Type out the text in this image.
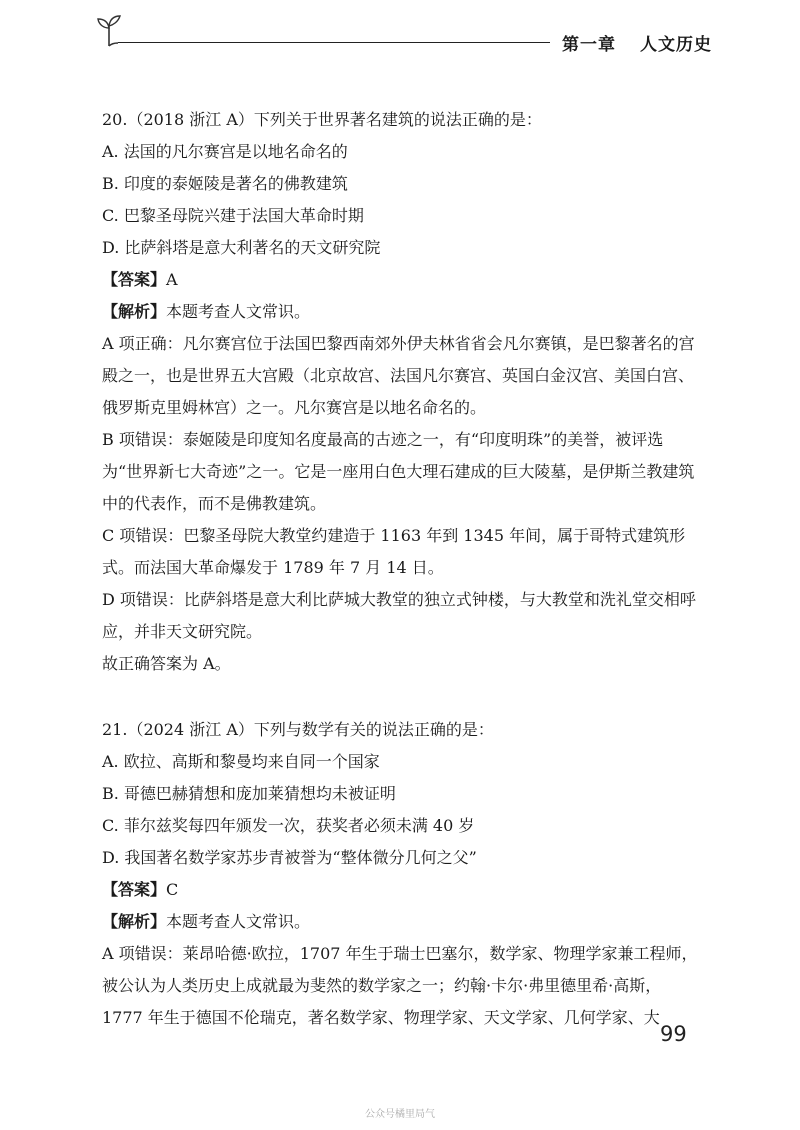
第一章 人文历史

20.（2018 浙江 A）下列关于世界著名建筑的说法正确的是：

A. 法国的凡尔赛宫是以地名命名的

B. 印度的泰姬陵是著名的佛教建筑

C. 巴黎圣母院兴建于法国大革命时期

D. 比萨斜塔是意大利著名的天文研究院

【答案】A

【解析】本题考查人文常识。

A 项正确：凡尔赛宫位于法国巴黎西南郊外伊夫林省省会凡尔赛镇，是巴黎著名的宫殿之一，也是世界五大宫殿（北京故宫、法国凡尔赛宫、英国白金汉宫、美国白宫、俄罗斯克里姆林宫）之一。凡尔赛宫是以地名命名的。

B 项错误：泰姬陵是印度知名度最高的古迹之一，有“印度明珠”的美誉，被评选为“世界新七大奇迹”之一。它是一座用白色大理石建成的巨大陵墓，是伊斯兰教建筑中的代表作，而不是佛教建筑。

C 项错误：巴黎圣母院大教堂约建造于 1163 年到 1345 年间，属于哥特式建筑形式。而法国大革命爆发于 1789 年 7 月 14 日。

D 项错误：比萨斜塔是意大利比萨城大教堂的独立式钟楼，与大教堂和洗礼堂交相呼应，并非天文研究院。

故正确答案为 A。

21.（2024 浙江 A）下列与数学有关的说法正确的是：

A. 欧拉、高斯和黎曼均来自同一个国家

B. 哥德巴赫猜想和庞加莱猜想均未被证明

C. 菲尔兹奖每四年颁发一次，获奖者必须未满 40 岁

D. 我国著名数学家苏步青被誉为“整体微分几何之父”

【答案】C

【解析】本题考查人文常识。

A 项错误：莱昂哈德·欧拉，1707 年生于瑞士巴塞尔，数学家、物理学家兼工程师，被公认为人类历史上成就最为斐然的数学家之一；约翰·卡尔·弗里德里希·高斯，1777 年生于德国不伦瑞克，著名数学家、物理学家、天文学家、几何学家、大

99
公众号橘里局气
